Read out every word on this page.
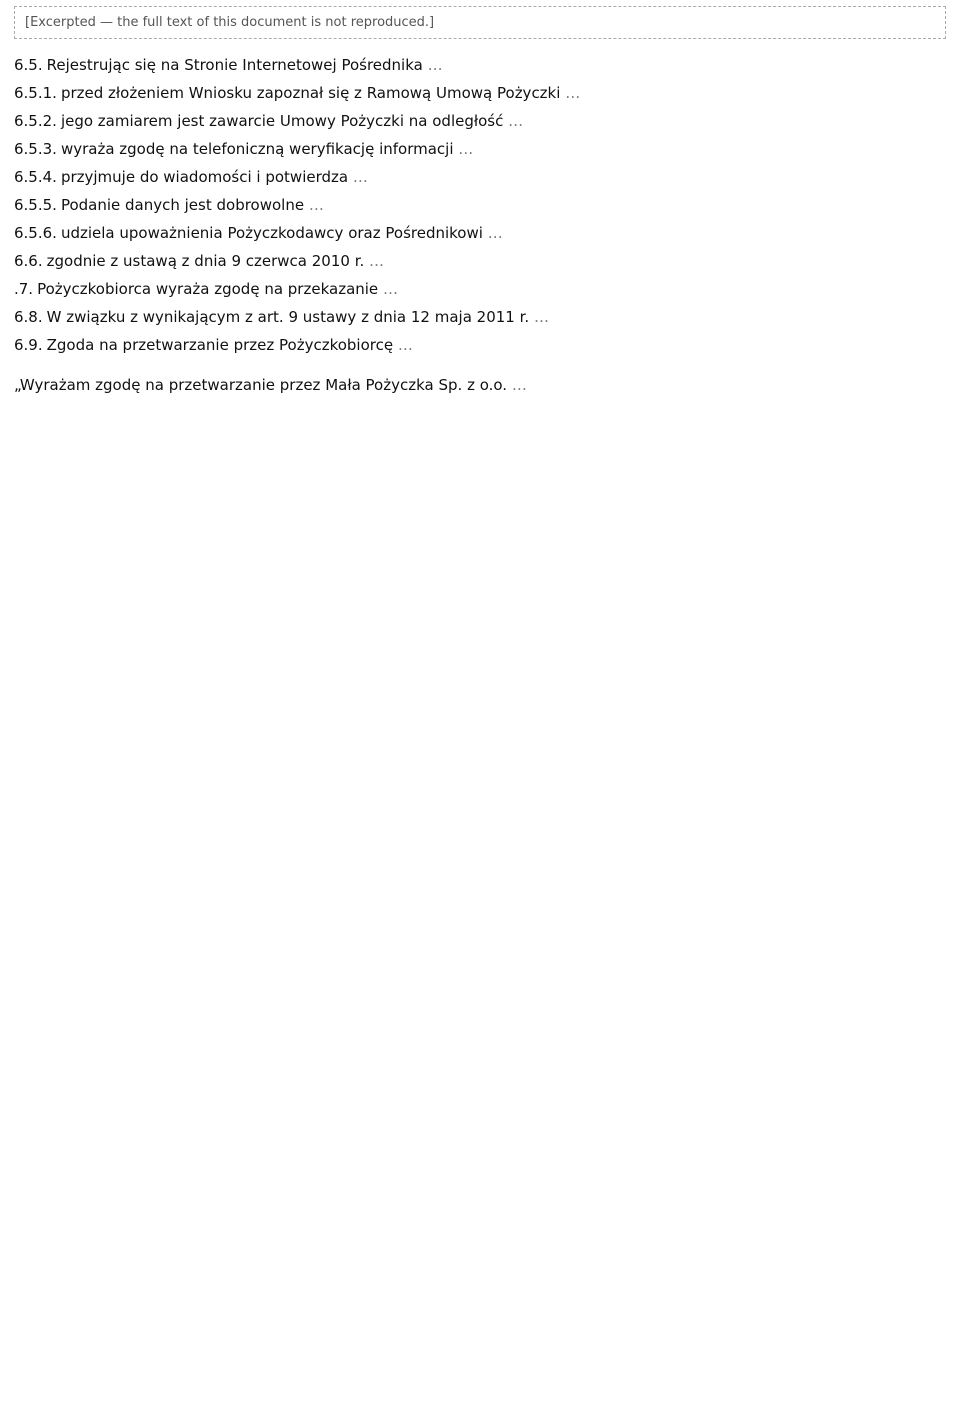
[Excerpted — the full text of this document is not reproduced.]

6.5. Rejestrując się na Stronie Internetowej Pośrednika …

6.5.1. przed złożeniem Wniosku zapoznał się z Ramową Umową Pożyczki …

6.5.2. jego zamiarem jest zawarcie Umowy Pożyczki na odległość …

6.5.3. wyraża zgodę na telefoniczną weryfikację informacji …

6.5.4. przyjmuje do wiadomości i potwierdza …

6.5.5. Podanie danych jest dobrowolne …

6.5.6. udziela upoważnienia Pożyczkodawcy oraz Pośrednikowi …

6.6. zgodnie z ustawą z dnia 9 czerwca 2010 r. …

.7. Pożyczkobiorca wyraża zgodę na przekazanie …

6.8. W związku z wynikającym z art. 9 ustawy z dnia 12 maja 2011 r. …

6.9. Zgoda na przetwarzanie przez Pożyczkobiorcę …

„Wyrażam zgodę na przetwarzanie przez Mała Pożyczka Sp. z o.o. …
